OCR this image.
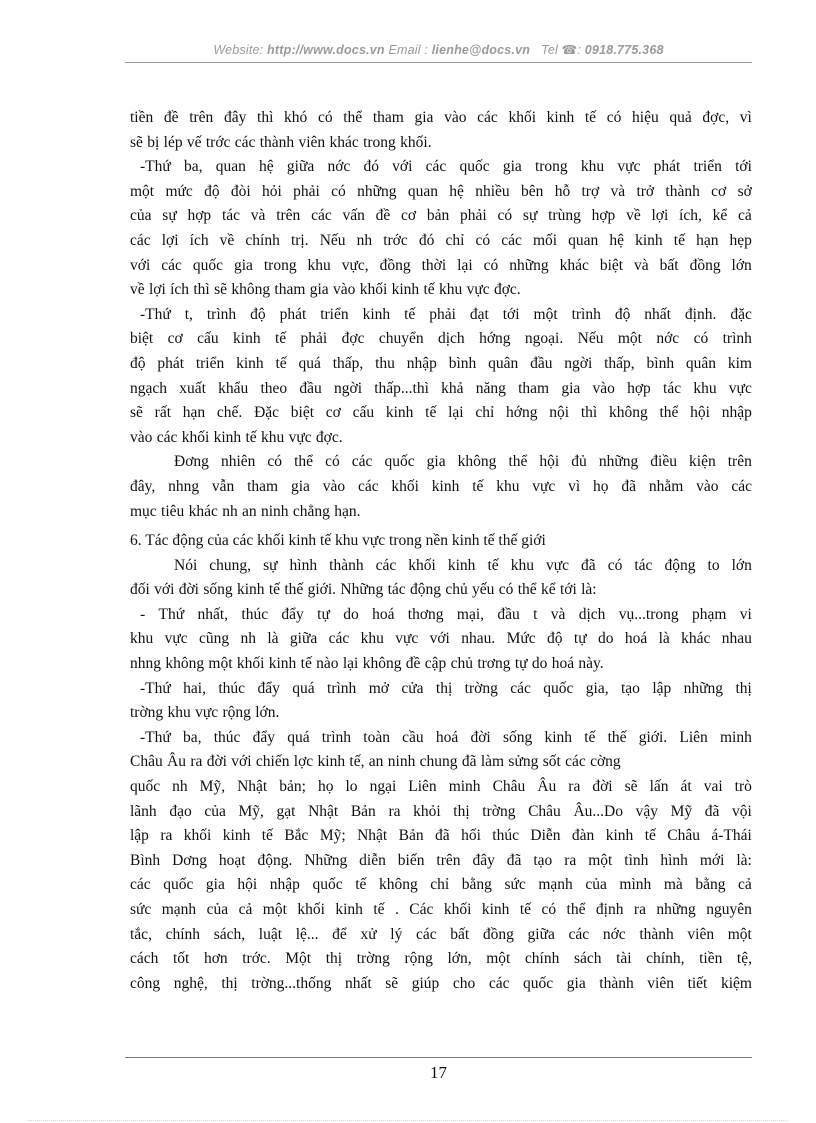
Website: http://www.docs.vn Email : lienhe@docs.vn Tel ☎: 0918.775.368
tiền đề trên đây thì khó có thể tham gia vào các khối kinh tế có hiệu quả đợc, vì
sẽ bị lép vế trớc các thành viên khác trong khối.
-Thứ ba, quan hệ giữa nớc đó với các quốc gia trong khu vực phát triển tới
một mức độ đòi hỏi phải có những quan hệ nhiều bên hỗ trợ và trở thành cơ sở
của sự hợp tác và trên các vấn đề cơ bản phải có sự trùng hợp về lợi ích, kể cả
các lợi ích về chính trị. Nếu nh trớc đó chỉ có các mối quan hệ kinh tế hạn hẹp
với các quốc gia trong khu vực, đồng thời lại có những khác biệt và bất đồng lớn
về lợi ích thì sẽ không tham gia vào khối kinh tế khu vực đợc.
-Thứ t, trình độ phát triển kinh tế phải đạt tới một trình độ nhất định. đặc
biệt cơ cấu kinh tế phải đợc chuyển dịch hớng ngoại. Nếu một nớc có trình
độ phát triển kinh tế quá thấp, thu nhập bình quân đầu ngời thấp, bình quân kim
ngạch xuất khẩu theo đầu ngời thấp...thì khả năng tham gia vào hợp tác khu vực
sẽ rất hạn chế. Đặc biệt cơ cấu kinh tế lại chỉ hớng nội thì không thể hội nhập
vào các khối kinh tế khu vực đợc.
Đơng nhiên có thể có các quốc gia không thể hội đủ những điều kiện trên
đây, nhng vẫn tham gia vào các khối kinh tế khu vực vì họ đã nhằm vào các
mục tiêu khác nh an ninh chẳng hạn.
6. Tác động của các khối kinh tế khu vực trong nền kinh tế thế giới
Nói chung, sự hình thành các khối kinh tế khu vực đã có tác động to lớn
đối với đời sống kinh tế thế giới. Những tác động chủ yếu có thể kể tới là:
- Thứ nhất, thúc đẩy tự do hoá thơng mại, đầu t và dịch vụ...trong phạm vi
khu vực cũng nh là giữa các khu vực với nhau. Mức độ tự do hoá là khác nhau
nhng không một khối kinh tế nào lại không đề cập chủ trơng tự do hoá này.
-Thứ hai, thúc đẩy quá trình mở cửa thị trờng các quốc gia, tạo lập những thị
trờng khu vực rộng lớn.
-Thứ ba, thúc đẩy quá trình toàn cầu hoá đời sống kinh tế thế giới. Liên minh
Châu Âu ra đời với chiến lợc kinh tế, an ninh chung đã làm sửng sốt các cờng
quốc nh Mỹ, Nhật bản; họ lo ngại Liên minh Châu Âu ra đời sẽ lấn át vai trò
lãnh đạo của Mỹ, gạt Nhật Bản ra khỏi thị trờng Châu Âu...Do vậy Mỹ đã vội
lập ra khối kinh tế Bắc Mỹ; Nhật Bản đã hối thúc Diễn đàn kinh tế Châu á-Thái
Bình Dơng hoạt động. Những diễn biến trên đây đã tạo ra một tình hình mới là:
các quốc gia hội nhập quốc tế không chỉ bằng sức mạnh của mình mà bằng cả
sức mạnh của cả một khối kinh tế . Các khối kinh tế có thể định ra những nguyên
tắc, chính sách, luật lệ... để xử lý các bất đồng giữa các nớc thành viên một
cách tốt hơn trớc. Một thị trờng rộng lớn, một chính sách tài chính, tiền tệ,
công nghệ, thị trờng...thống nhất sẽ giúp cho các quốc gia thành viên tiết kiệm
17
